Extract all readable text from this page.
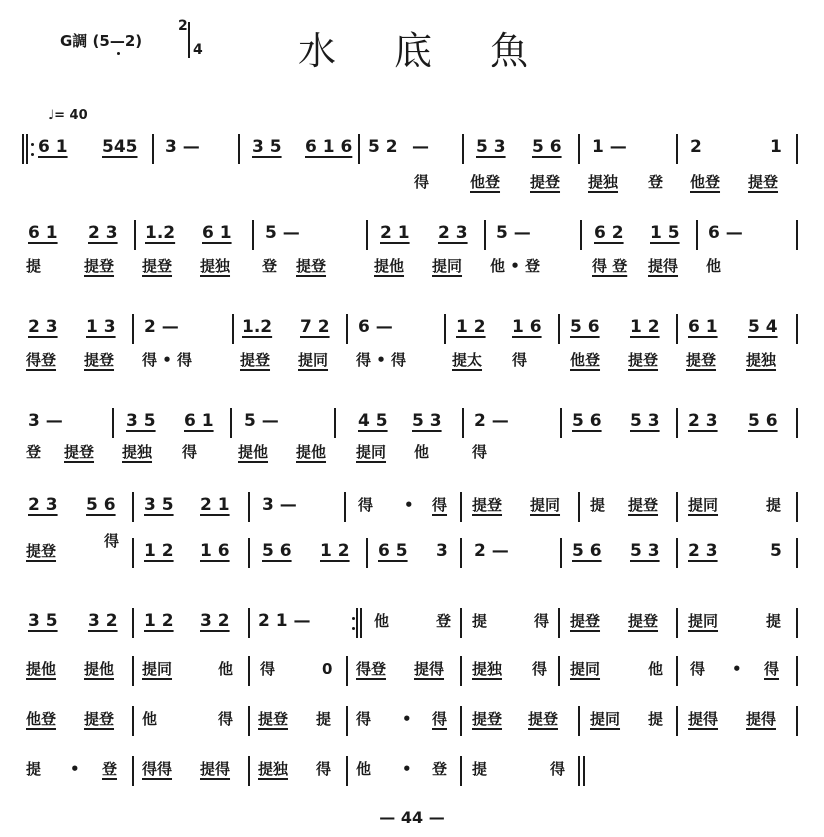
G調 (5—2)
2
4	水底魚
♩= 40
6 1 545 3 —	3 5 6 1 6 5 2 —	5 3 5 6 1 —	2	1
得	他登 提登 提独 登 他登 提登
6 1 2 3 1.2 6 1 5 —	2 1 2 3 5 —	6 2 1 5 6 —
提	提登 提登 提独 登 提登	提他 提同 他 • 登	得 登 提得 他
2 3 1 3 2 —	1.2 7 2 6 —	1 2 1 6 5 6 1 2 6 1 5 4
得登 提登 得 • 得	提登 提同 得 • 得	提太 得	他登 提登 提登 提独
3 —	3 5 6 1 5 —	4 5 5 3 2 —	5 6 5 3 2 3 5 6
登 提登 提独 得	提他 提他 提同 他	得
2 3 5 6 3 5 2 1 3 —	得 • 得 提登 提同 提 提登 提同	提
提登
得 1 2 1 6 5 6 1 2 6 5 3 2 —	5 6 5 3 2 3	5
3 5 3 2 1 2 3 2 2 1 —	他	登 提	得 提登 提登 提同	提
提他 提他 提同	他 得	0 得登 提得 提独 得 提同	他 得 • 得
他登 提登 他	得 提登 提 得 • 得 提登 提登 提同 提 提得 提得
提 • 登 得得 提得 提独 得 他 • 登 提	得
— 44 —
